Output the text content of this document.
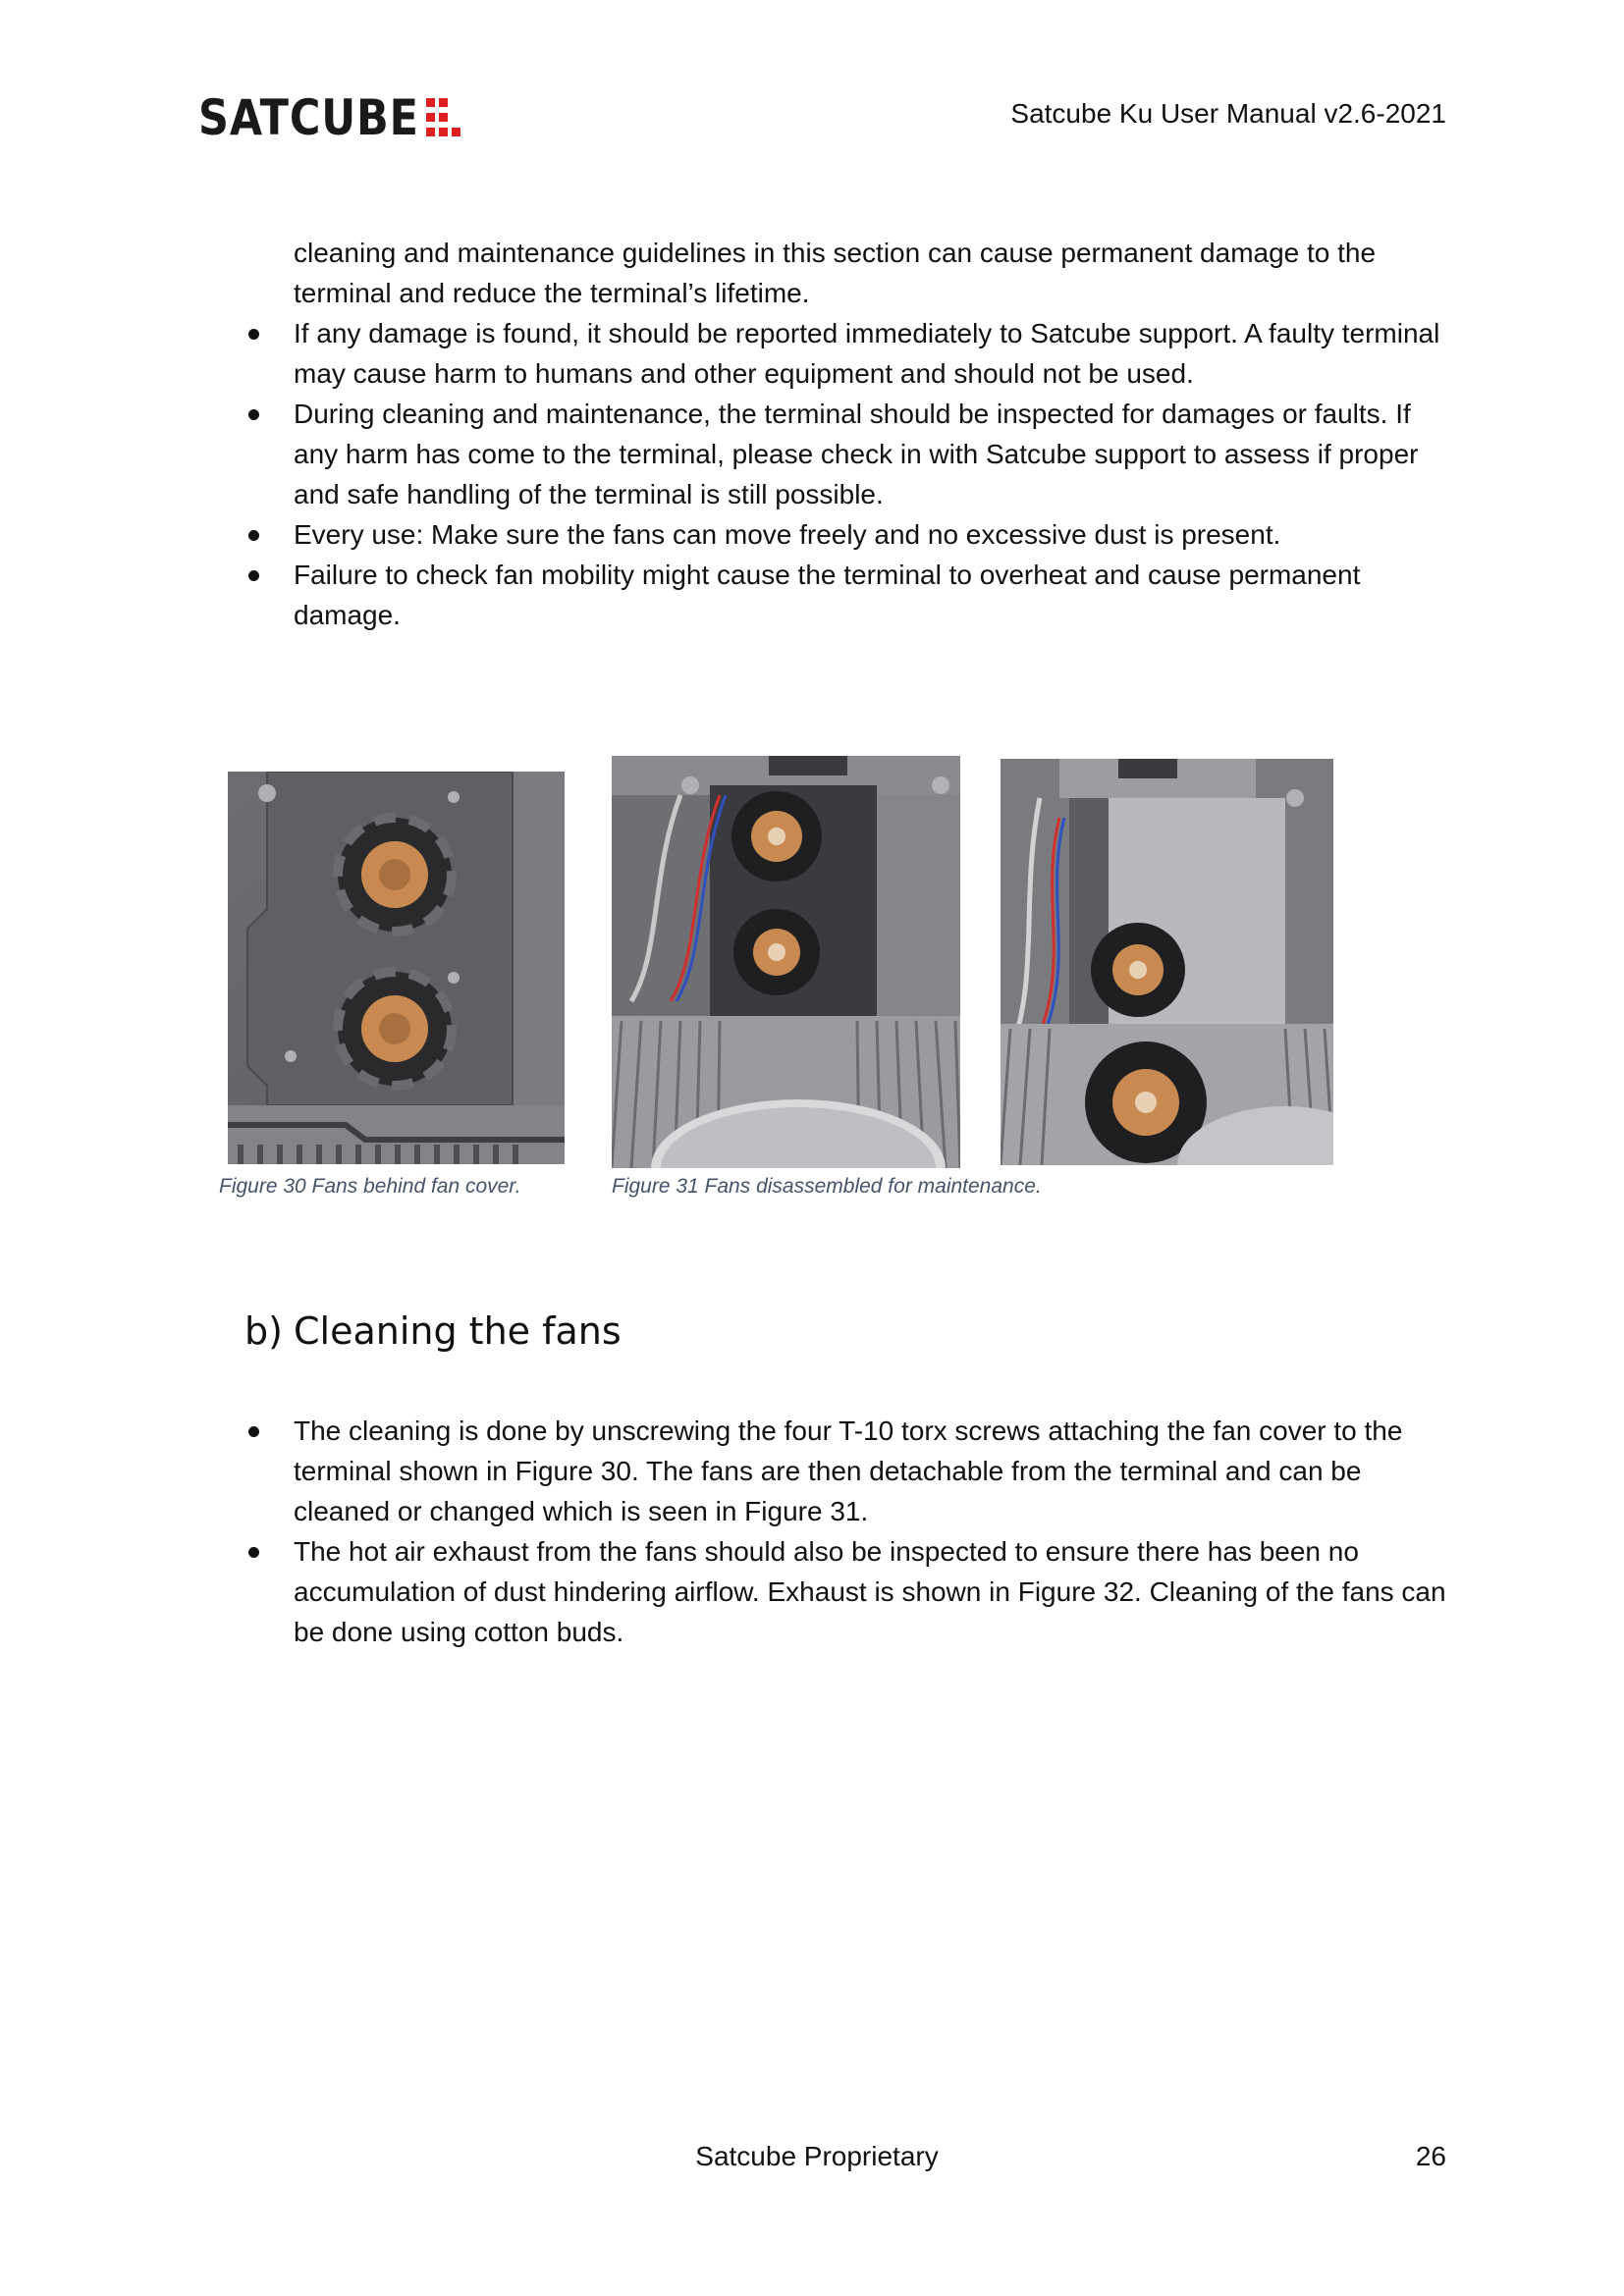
SATCUBE	Satcube Ku User Manual v2.6-2021
cleaning and maintenance guidelines in this section can cause permanent damage to the terminal and reduce the terminal’s lifetime.
If any damage is found, it should be reported immediately to Satcube support. A faulty terminal may cause harm to humans and other equipment and should not be used.
During cleaning and maintenance, the terminal should be inspected for damages or faults. If any harm has come to the terminal, please check in with Satcube support to assess if proper and safe handling of the terminal is still possible.
Every use: Make sure the fans can move freely and no excessive dust is present.
Failure to check fan mobility might cause the terminal to overheat and cause permanent damage.
Figure 30 Fans behind fan cover.	Figure 31 Fans disassembled for maintenance.
b) Cleaning the fans
The cleaning is done by unscrewing the four T-10 torx screws attaching the fan cover to the terminal shown in Figure 30. The fans are then detachable from the terminal and can be cleaned or changed which is seen in Figure 31.
The hot air exhaust from the fans should also be inspected to ensure there has been no accumulation of dust hindering airflow. Exhaust is shown in Figure 32. Cleaning of the fans can be done using cotton buds.
Satcube Proprietary	26
